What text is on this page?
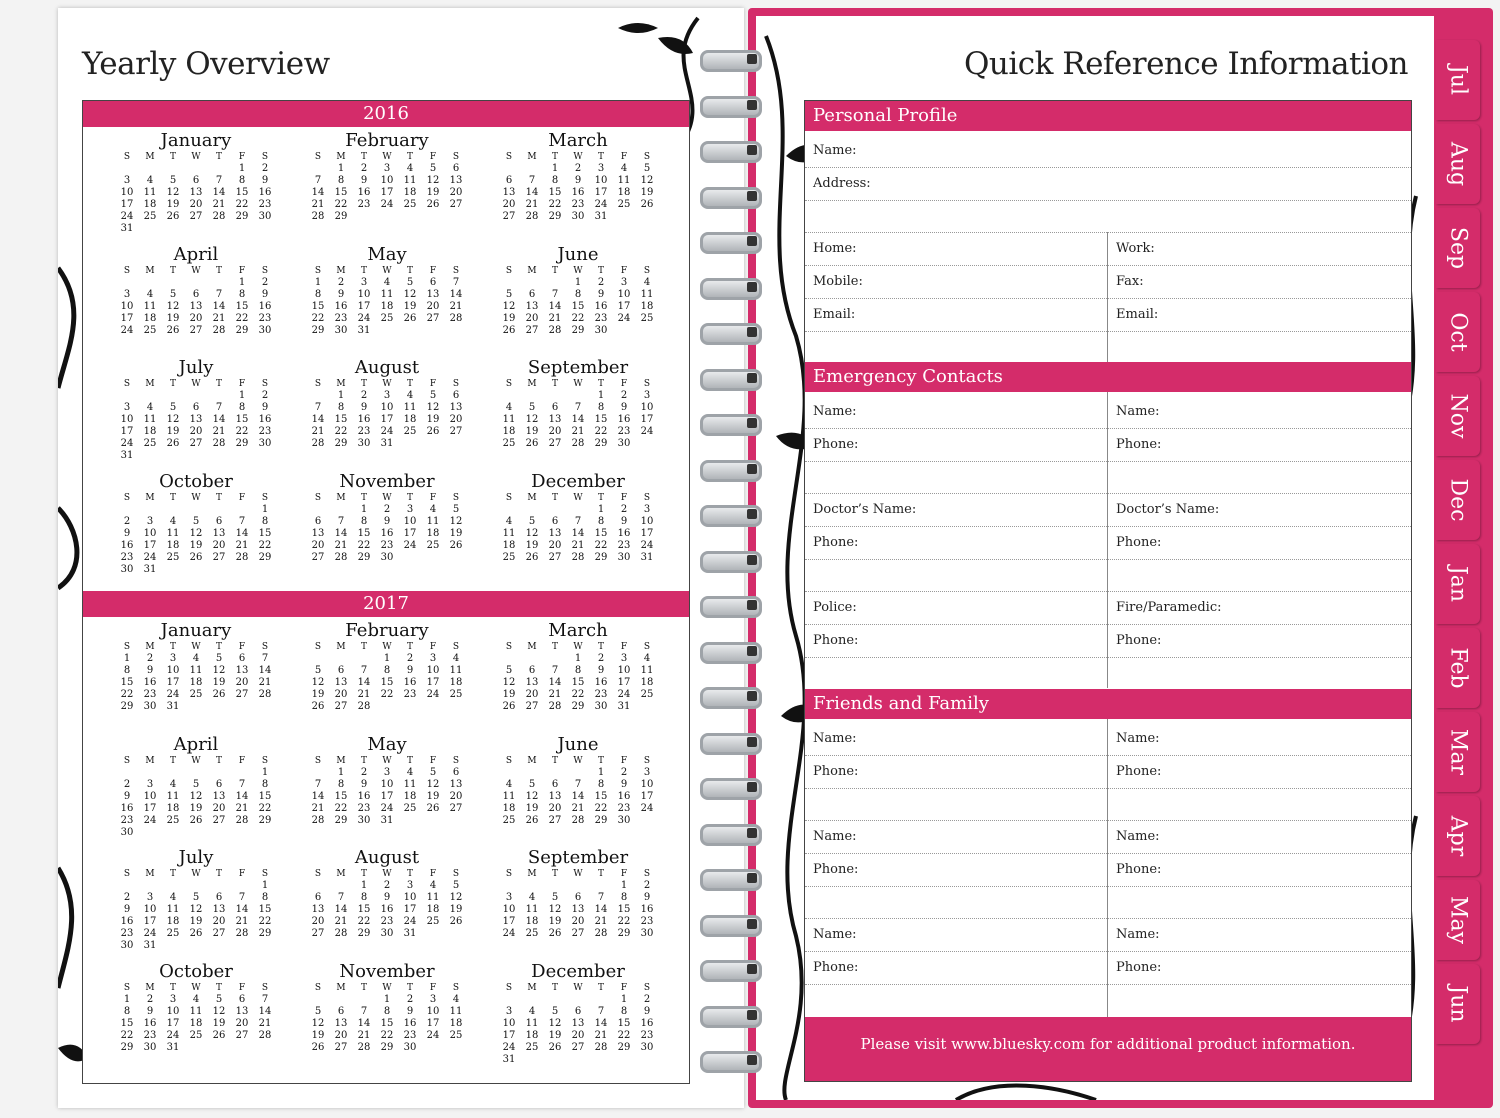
Yearly Overview	Quick Reference Information
2016
2017
January
S	M	T	W	T	F	S
					1	2
3	4	5	6	7	8	9
10	11	12	13	14	15	16
17	18	19	20	21	22	23
24	25	26	27	28	29	30
31						
February
S	M	T	W	T	F	S
	1	2	3	4	5	6
7	8	9	10	11	12	13
14	15	16	17	18	19	20
21	22	23	24	25	26	27
28	29					
March
S	M	T	W	T	F	S
		1	2	3	4	5
6	7	8	9	10	11	12
13	14	15	16	17	18	19
20	21	22	23	24	25	26
27	28	29	30	31		
April
S	M	T	W	T	F	S
					1	2
3	4	5	6	7	8	9
10	11	12	13	14	15	16
17	18	19	20	21	22	23
24	25	26	27	28	29	30
May
S	M	T	W	T	F	S
1	2	3	4	5	6	7
8	9	10	11	12	13	14
15	16	17	18	19	20	21
22	23	24	25	26	27	28
29	30	31				
June
S	M	T	W	T	F	S
			1	2	3	4
5	6	7	8	9	10	11
12	13	14	15	16	17	18
19	20	21	22	23	24	25
26	27	28	29	30		
July
S	M	T	W	T	F	S
					1	2
3	4	5	6	7	8	9
10	11	12	13	14	15	16
17	18	19	20	21	22	23
24	25	26	27	28	29	30
31						
August
S	M	T	W	T	F	S
	1	2	3	4	5	6
7	8	9	10	11	12	13
14	15	16	17	18	19	20
21	22	23	24	25	26	27
28	29	30	31			
September
S	M	T	W	T	F	S
				1	2	3
4	5	6	7	8	9	10
11	12	13	14	15	16	17
18	19	20	21	22	23	24
25	26	27	28	29	30	
October
S	M	T	W	T	F	S
						1
2	3	4	5	6	7	8
9	10	11	12	13	14	15
16	17	18	19	20	21	22
23	24	25	26	27	28	29
30	31					
November
S	M	T	W	T	F	S
		1	2	3	4	5
6	7	8	9	10	11	12
13	14	15	16	17	18	19
20	21	22	23	24	25	26
27	28	29	30			
December
S	M	T	W	T	F	S
				1	2	3
4	5	6	7	8	9	10
11	12	13	14	15	16	17
18	19	20	21	22	23	24
25	26	27	28	29	30	31
January
S	M	T	W	T	F	S
1	2	3	4	5	6	7
8	9	10	11	12	13	14
15	16	17	18	19	20	21
22	23	24	25	26	27	28
29	30	31				
February
S	M	T	W	T	F	S
			1	2	3	4
5	6	7	8	9	10	11
12	13	14	15	16	17	18
19	20	21	22	23	24	25
26	27	28				
March
S	M	T	W	T	F	S
			1	2	3	4
5	6	7	8	9	10	11
12	13	14	15	16	17	18
19	20	21	22	23	24	25
26	27	28	29	30	31	
April
S	M	T	W	T	F	S
						1
2	3	4	5	6	7	8
9	10	11	12	13	14	15
16	17	18	19	20	21	22
23	24	25	26	27	28	29
30						
May
S	M	T	W	T	F	S
	1	2	3	4	5	6
7	8	9	10	11	12	13
14	15	16	17	18	19	20
21	22	23	24	25	26	27
28	29	30	31			
June
S	M	T	W	T	F	S
				1	2	3
4	5	6	7	8	9	10
11	12	13	14	15	16	17
18	19	20	21	22	23	24
25	26	27	28	29	30	
July
S	M	T	W	T	F	S
						1
2	3	4	5	6	7	8
9	10	11	12	13	14	15
16	17	18	19	20	21	22
23	24	25	26	27	28	29
30	31					
August
S	M	T	W	T	F	S
		1	2	3	4	5
6	7	8	9	10	11	12
13	14	15	16	17	18	19
20	21	22	23	24	25	26
27	28	29	30	31		
September
S	M	T	W	T	F	S
					1	2
3	4	5	6	7	8	9
10	11	12	13	14	15	16
17	18	19	20	21	22	23
24	25	26	27	28	29	30
October
S	M	T	W	T	F	S
1	2	3	4	5	6	7
8	9	10	11	12	13	14
15	16	17	18	19	20	21
22	23	24	25	26	27	28
29	30	31				
November
S	M	T	W	T	F	S
			1	2	3	4
5	6	7	8	9	10	11
12	13	14	15	16	17	18
19	20	21	22	23	24	25
26	27	28	29	30		
December
S	M	T	W	T	F	S
					1	2
3	4	5	6	7	8	9
10	11	12	13	14	15	16
17	18	19	20	21	22	23
24	25	26	27	28	29	30
31						
Personal Profile
Name:
Address:
Home:	Work:
Mobile:	Fax:
Email:	Email:
Emergency Contacts
Name:	Name:
Phone:	Phone:
Doctor’s Name:	Doctor’s Name:
Phone:	Phone:
Police:	Fire/Paramedic:
Phone:	Phone:
Friends and Family
Name:	Name:
Phone:	Phone:
Name:	Name:
Phone:	Phone:
Name:	Name:
Phone:	Phone:
Please visit www.bluesky.com for additional product information.
Jul
Aug
Sep
Oct
Nov
Dec
Jan
Feb
Mar
Apr
May
Jun
